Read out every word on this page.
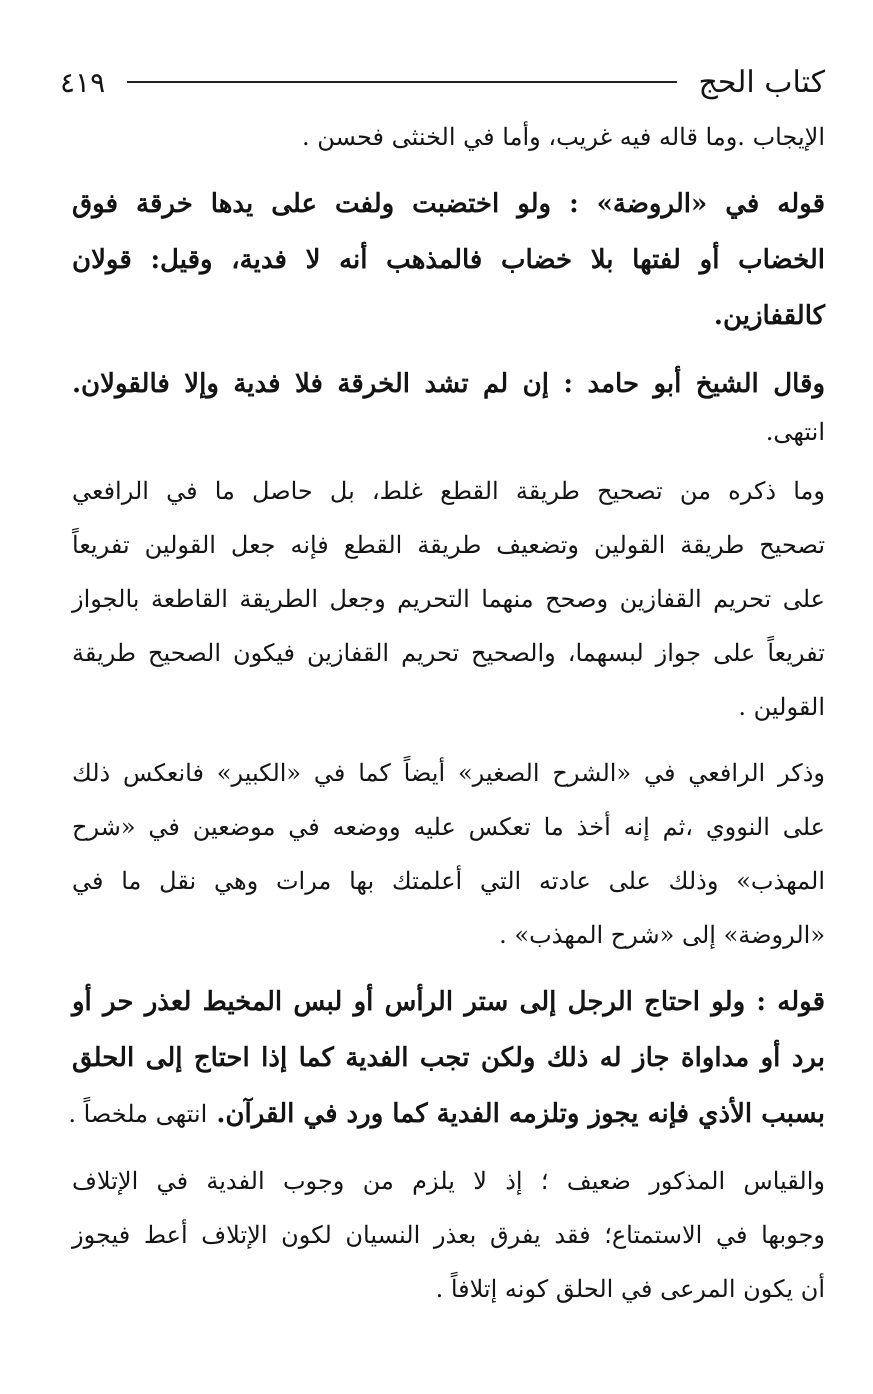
كتاب الحج
٤١٩

الإيجاب .وما قاله فيه غريب، وأما في الخنثى فحسن .

قوله في «الروضة» : ولو اختضبت ولفت على يدها خرقة فوق
الخضاب أو لفتها بلا خضاب فالمذهب أنه لا فدية، وقيل: قولان
كالقفازين.

وقال الشيخ أبو حامد : إن لم تشد الخرقة فلا فدية وإلا فالقولان.
انتهى.

وما ذكره من تصحيح طريقة القطع غلط، بل حاصل ما في الرافعي
تصحيح طريقة القولين وتضعيف طريقة القطع فإنه جعل القولين تفريعاً
على تحريم القفازين وصحح منهما التحريم وجعل الطريقة القاطعة بالجواز
تفريعاً على جواز لبسهما، والصحيح تحريم القفازين فيكون الصحيح طريقة
القولين .

وذكر الرافعي في «الشرح الصغير» أيضاً كما في «الكبير» فانعكس ذلك
على النووي ،ثم إنه أخذ ما تعكس عليه ووضعه في موضعين في «شرح
المهذب» وذلك على عادته التي أعلمتك بها مرات وهي نقل ما في
«الروضة» إلى «شرح المهذب» .

قوله : ولو احتاج الرجل إلى ستر الرأس أو لبس المخيط لعذر حر أو
برد أو مداواة جاز له ذلك ولكن تجب الفدية كما إذا احتاج إلى الحلق
بسبب الأذي فإنه يجوز وتلزمه الفدية كما ورد في القرآن. انتهى ملخصاً .

والقياس المذكور ضعيف ؛ إذ لا يلزم من وجوب الفدية في الإتلاف
وجوبها في الاستمتاع؛ فقد يفرق بعذر النسيان لكون الإتلاف أعط فيجوز
أن يكون المرعى في الحلق كونه إتلافاً .
